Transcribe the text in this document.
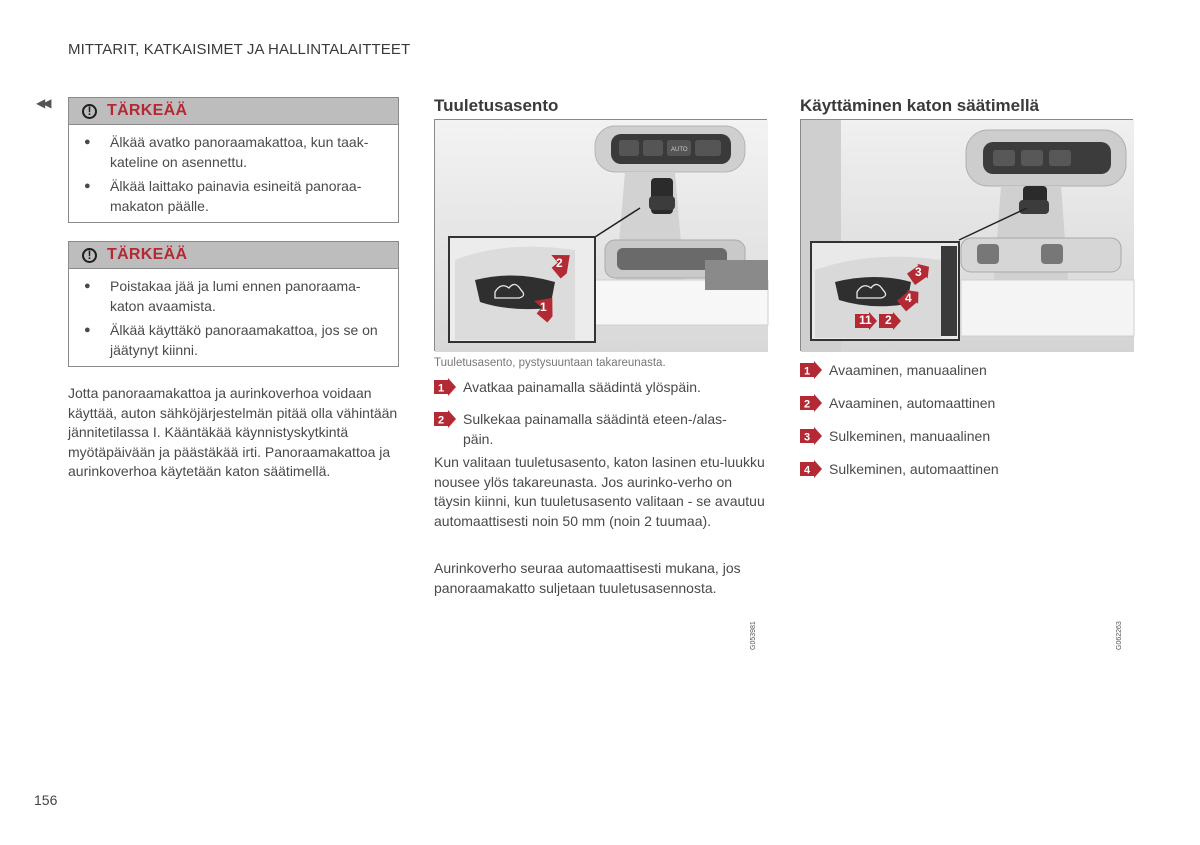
MITTARIT, KATKAISIMET JA HALLINTALAITTEET
◀◀
! TÄRKEÄÄ
●	Älkää avatko panoraamakattoa, kun taak-kateline on asennettu.
●	Älkää laittako painavia esineitä panoraa-makaton päälle.
! TÄRKEÄÄ
●	Poistakaa jää ja lumi ennen panoraama-katon avaamista.
●	Älkää käyttäkö panoraamakattoa, jos se on jäätynyt kiinni.
Jotta panoraamakattoa ja aurinkoverhoa voidaan käyttää, auton sähköjärjestelmän pitää olla vähintään jännitetilassa I. Kääntäkää käynnistyskytkintä myötäpäivään ja päästäkää irti. Panoraamakattoa ja aurinkoverhoa käytetään katon säätimellä.
Tuuletusasento
AUTO
G053981
2
1
Tuuletusasento, pystysuuntaan takareunasta.
1 Avatkaa painamalla säädintä ylöspäin.
2 Sulkekaa painamalla säädintä eteen-/alas-päin.
Kun valitaan tuuletusasento, katon lasinen etu-luukku nousee ylös takareunasta. Jos aurinko-verho on täysin kiinni, kun tuuletusasento valitaan - se avautuu automaattisesti noin 50 mm (noin 2 tuumaa).
Aurinkoverho seuraa automaattisesti mukana, jos panoraamakatto suljetaan tuuletusasennosta.
Käyttäminen katon säätimellä
G062263
3
4
1 1 2
1 Avaaminen, manuaalinen
2 Avaaminen, automaattinen
3 Sulkeminen, manuaalinen
4 Sulkeminen, automaattinen
156
